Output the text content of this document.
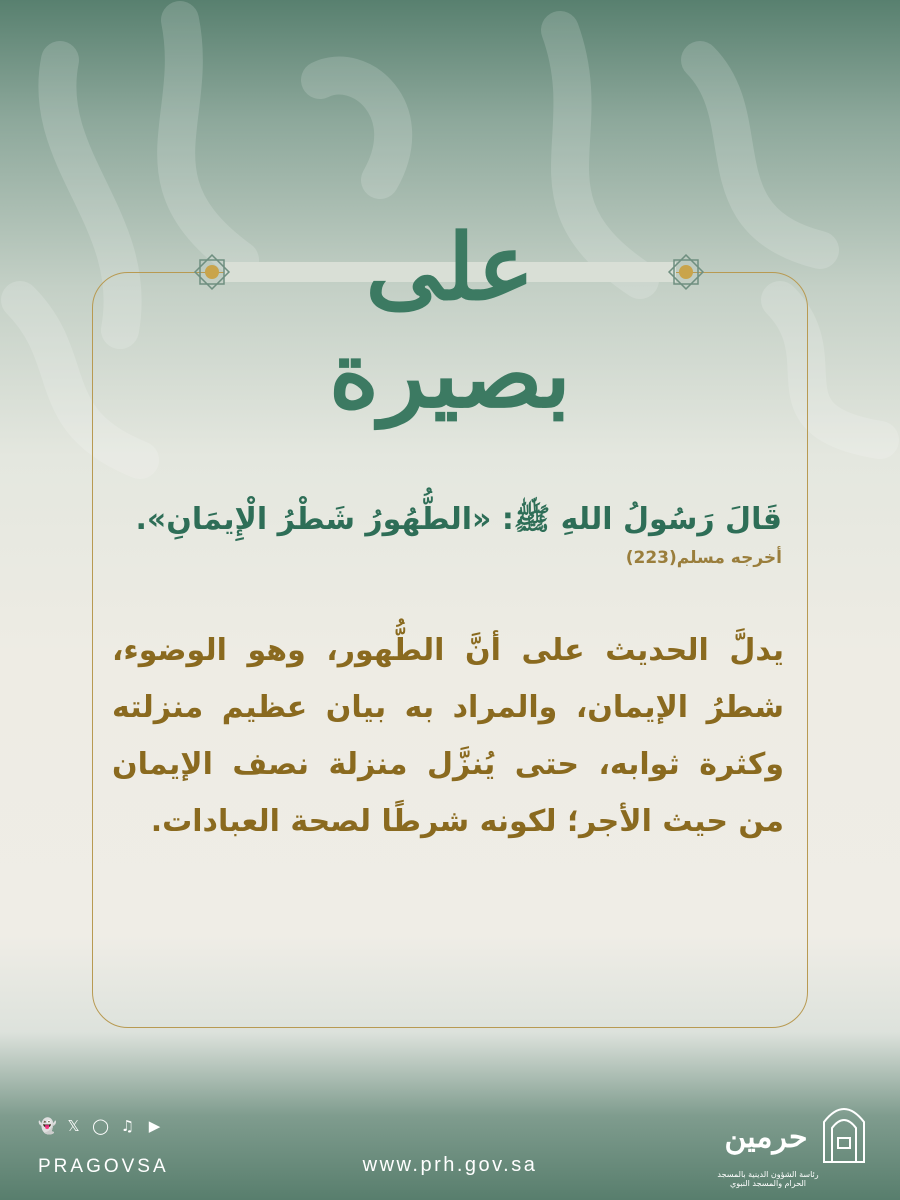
على بصيرة
قَالَ رَسُولُ اللهِ ﷺ: «الطُّهُورُ شَطْرُ الْإِيمَانِ».
أخرجه مسلم(223)
يدلَّ الحديث على أنَّ الطُّهور، وهو الوضوء، شطرُ الإيمان، والمراد به بيان عظيم منزلته وكثرة ثوابه، حتى يُنزَّل منزلة نصف الإيمان من حيث الأجر؛ لكونه شرطًا لصحة العبادات.
👻 𝕏 ◯ ♫ ▶
PRAGOVSA	www.prh.gov.sa
حرمين
رئاسة الشؤون الدينية بالمسجد الحرام والمسجد النبوي
